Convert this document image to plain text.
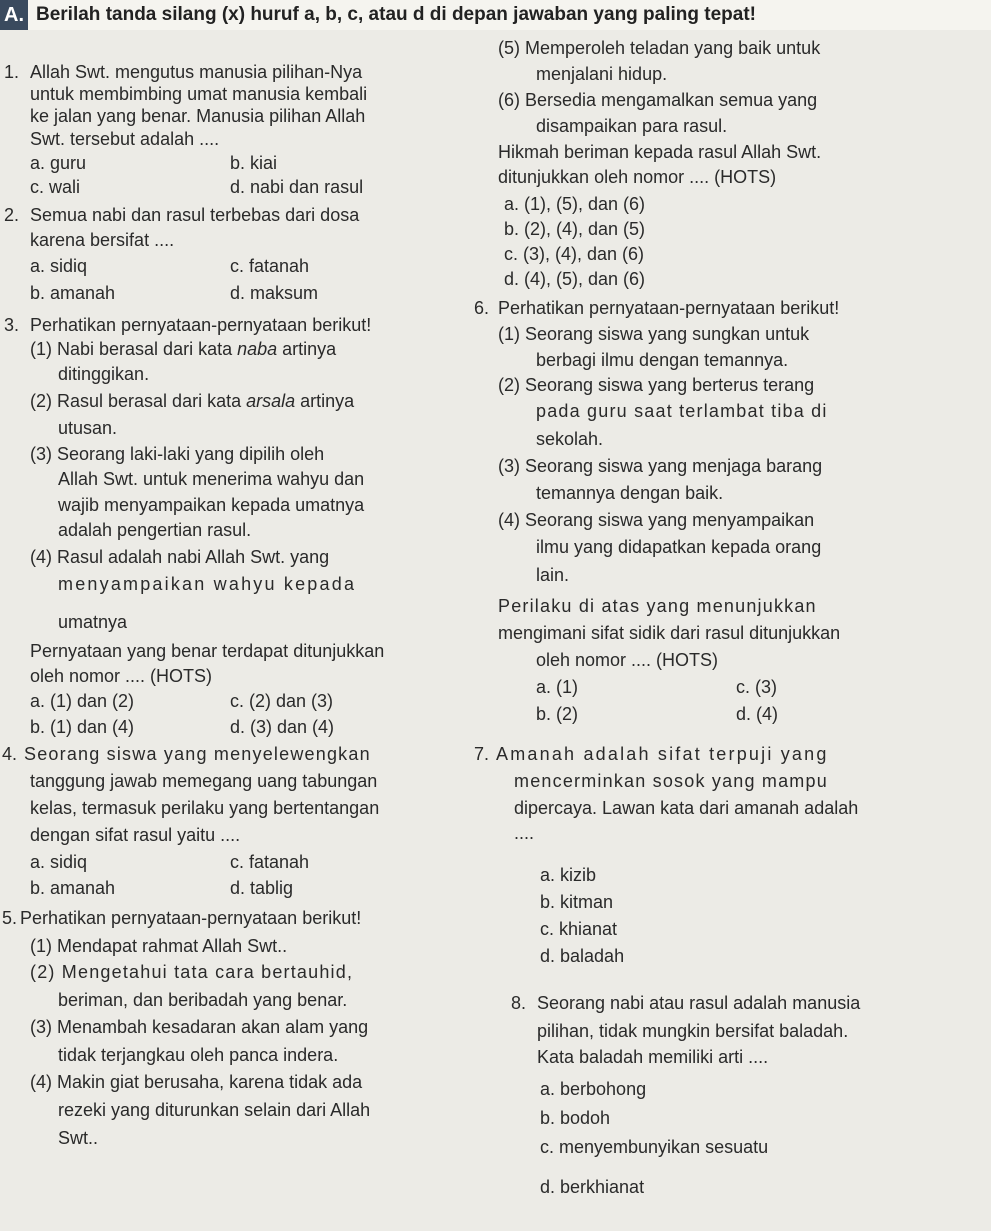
A. Berilah tanda silang (x) huruf a, b, c, atau d di depan jawaban yang paling tepat!
1. Allah Swt. mengutus manusia pilihan-Nya
untuk membimbing umat manusia kembali
ke jalan yang benar. Manusia pilihan Allah
Swt. tersebut adalah ....
a. guru	b. kiai
c. wali	d. nabi dan rasul
2. Semua nabi dan rasul terbebas dari dosa
karena bersifat ....
a. sidiq
b. amanah
c. fatanah
d. maksum
3. Perhatikan pernyataan-pernyataan berikut!
(1) Nabi berasal dari kata naba artinya
ditinggikan.
(2) Rasul berasal dari kata arsala artinya
utusan.
(3) Seorang laki-laki yang dipilih oleh
Allah Swt. untuk menerima wahyu dan
wajib menyampaikan kepada umatnya
adalah pengertian rasul.
(4) Rasul adalah nabi Allah Swt. yang
menyampaikan wahyu kepada
umatnya
Pernyataan yang benar terdapat ditunjukkan
oleh nomor .... (HOTS)
a. (1) dan (2)
b. (1) dan (4)
c. (2) dan (3)
d. (3) dan (4)
4. Seorang siswa yang menyelewengkan
tanggung jawab memegang uang tabungan
kelas, termasuk perilaku yang bertentangan
dengan sifat rasul yaitu ....
a. sidiq
b. amanah
c. fatanah
d. tablig
5. Perhatikan pernyataan-pernyataan berikut!
(1) Mendapat rahmat Allah Swt..
(2) Mengetahui tata cara bertauhid,
beriman, dan beribadah yang benar.
(3) Menambah kesadaran akan alam yang
tidak terjangkau oleh panca indera.
(4) Makin giat berusaha, karena tidak ada
rezeki yang diturunkan selain dari Allah
Swt..
(5) Memperoleh teladan yang baik untuk
menjalani hidup.
(6) Bersedia mengamalkan semua yang
disampaikan para rasul.
Hikmah beriman kepada rasul Allah Swt.
ditunjukkan oleh nomor .... (HOTS)
a. (1), (5), dan (6)
b. (2), (4), dan (5)
c. (3), (4), dan (6)
d. (4), (5), dan (6)
6. Perhatikan pernyataan-pernyataan berikut!
(1) Seorang siswa yang sungkan untuk
berbagi ilmu dengan temannya.
(2) Seorang siswa yang berterus terang
pada guru saat terlambat tiba di
sekolah.
(3) Seorang siswa yang menjaga barang
temannya dengan baik.
(4) Seorang siswa yang menyampaikan
ilmu yang didapatkan kepada orang
lain.
Perilaku di atas yang menunjukkan
mengimani sifat sidik dari rasul ditunjukkan
oleh nomor .... (HOTS)
a. (1)
b. (2)
c. (3)
d. (4)
7. Amanah adalah sifat terpuji yang
mencerminkan sosok yang mampu
dipercaya. Lawan kata dari amanah adalah
....
a. kizib
b. kitman
c. khianat
d. baladah
8. Seorang nabi atau rasul adalah manusia
pilihan, tidak mungkin bersifat baladah.
Kata baladah memiliki arti ....
a. berbohong
b. bodoh
c. menyembunyikan sesuatu
d. berkhianat
